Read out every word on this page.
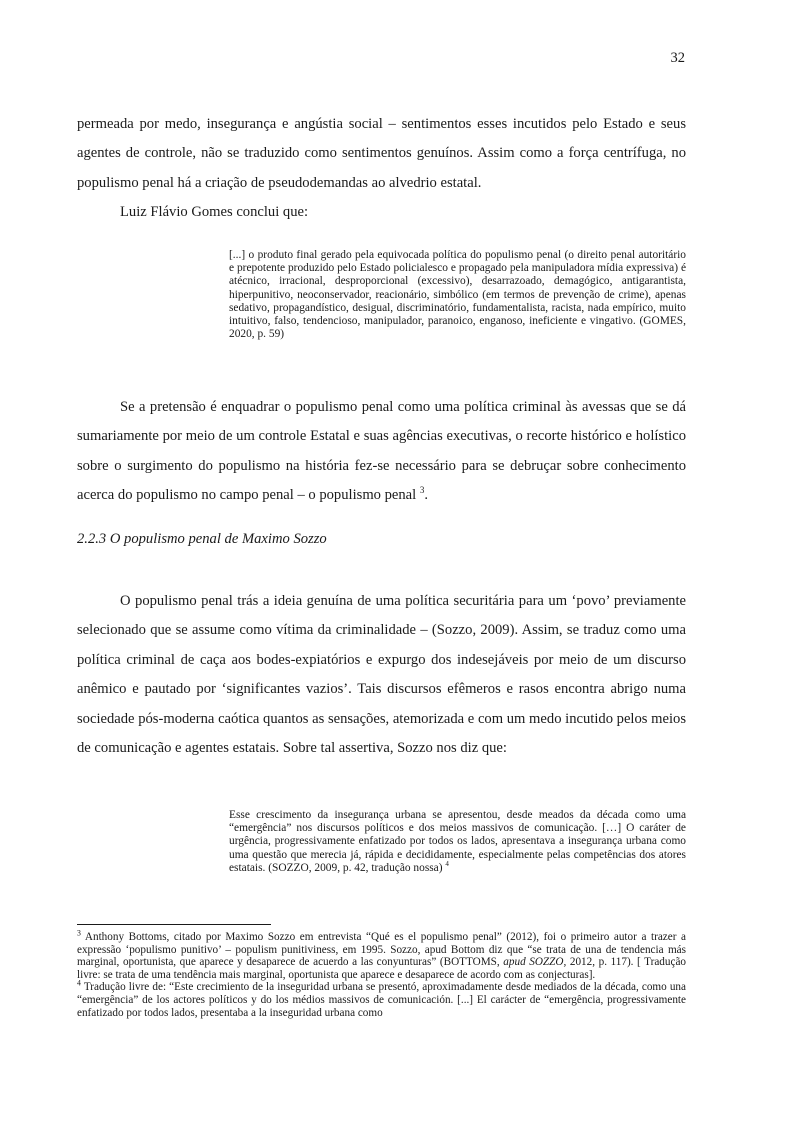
32

permeada por medo, insegurança e angústia social – sentimentos esses incutidos pelo Estado e seus agentes de controle, não se traduzido como sentimentos genuínos. Assim como a força centrífuga, no populismo penal há a criação de pseudodemandas ao alvedrio estatal.

Luiz Flávio Gomes conclui que:

[...] o produto final gerado pela equivocada política do populismo penal (o direito penal autoritário e prepotente produzido pelo Estado policialesco e propagado pela manipuladora mídia expressiva) é atécnico, irracional, desproporcional (excessivo), desarrazoado, demagógico, antigarantista, hiperpunitivo, neoconservador, reacionário, simbólico (em termos de prevenção de crime), apenas sedativo, propagandístico, desigual, discriminatório, fundamentalista, racista, nada empírico, muito intuitivo, falso, tendencioso, manipulador, paranoico, enganoso, ineficiente e vingativo. (GOMES, 2020, p. 59)

Se a pretensão é enquadrar o populismo penal como uma política criminal às avessas que se dá sumariamente por meio de um controle Estatal e suas agências executivas, o recorte histórico e holístico sobre o surgimento do populismo na história fez-se necessário para se debruçar sobre conhecimento acerca do populismo no campo penal – o populismo penal $^3$.

2.2.3 O populismo penal de Maximo Sozzo

O populismo penal trás a ideia genuína de uma política securitária para um ‘povo’ previamente selecionado que se assume como vítima da criminalidade – (Sozzo, 2009). Assim, se traduz como uma política criminal de caça aos bodes-expiatórios e expurgo dos indesejáveis por meio de um discurso anêmico e pautado por ‘significantes vazios’. Tais discursos efêmeros e rasos encontra abrigo numa sociedade pós-moderna caótica quantos as sensações, atemorizada e com um medo incutido pelos meios de comunicação e agentes estatais. Sobre tal assertiva, Sozzo nos diz que:

Esse crescimento da insegurança urbana se apresentou, desde meados da década como uma “emergência” nos discursos políticos e dos meios massivos de comunicação. […] O caráter de urgência, progressivamente enfatizado por todos os lados, apresentava a insegurança urbana como uma questão que merecia já, rápida e decididamente, especialmente pelas competências dos atores estatais. (SOZZO, 2009, p. 42, tradução nossa) $^4$

$^3$ Anthony Bottoms, citado por Maximo Sozzo em entrevista “Qué es el populismo penal” (2012), foi o primeiro autor a trazer a expressão ‘populismo punitivo’ – populism punitiviness, em 1995. Sozzo, apud Bottom diz que “se trata de una de tendencia más marginal, oportunista, que aparece y desaparece de acuerdo a las conyunturas” (BOTTOMS, apud SOZZO, 2012, p. 117). [ Tradução livre: se trata de uma tendência mais marginal, oportunista que aparece e desaparece de acordo com as conjecturas].

$^4$ Tradução livre de: “Este crecimiento de la inseguridad urbana se presentó, aproximadamente desde mediados de la década, como una “emergência” de los actores políticos y do los médios massivos de comunicación. [...] El carácter de “emergência, progressivamente enfatizado por todos lados, presentaba a la inseguridad urbana como
